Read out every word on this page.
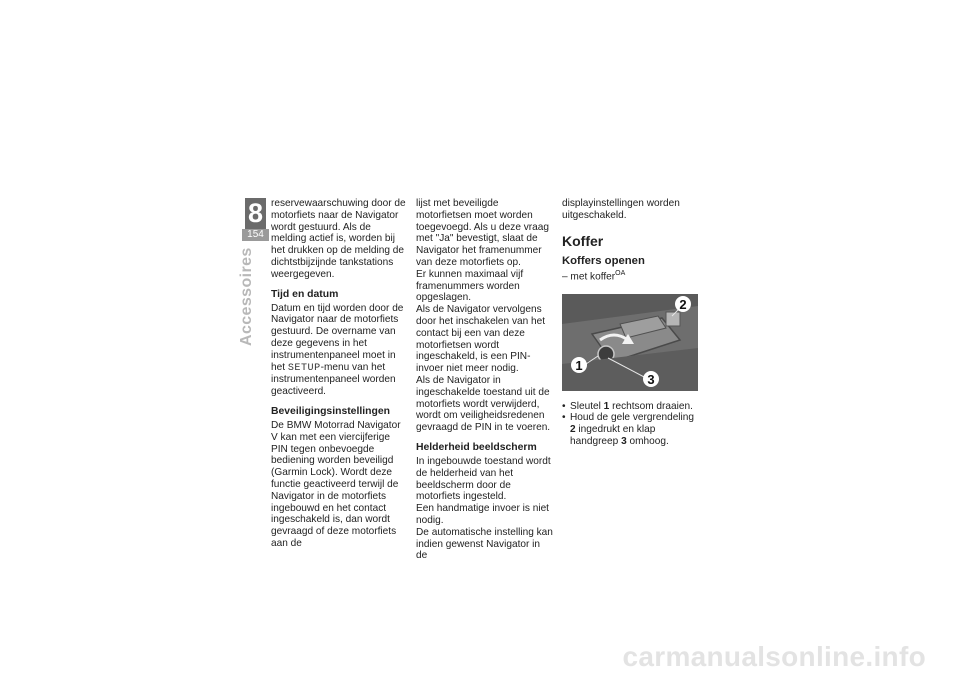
8
154
Accessoires

reservewaarschuwing door de motorfiets naar de Navigator wordt gestuurd. Als de melding actief is, worden bij het drukken op de melding de dichtstbijzijnde tankstations weergegeven.

Tijd en datum

Datum en tijd worden door de Navigator naar de motorfiets gestuurd. De overname van deze gegevens in het instrumentenpaneel moet in het SETUP-menu van het instrumentenpaneel worden geactiveerd.

Beveiligingsinstellingen

De BMW Motorrad Navigator V kan met een viercijferige PIN tegen onbevoegde bediening worden beveiligd (Garmin Lock). Wordt deze functie geactiveerd terwijl de Navigator in de motorfiets ingebouwd en het contact ingeschakeld is, dan wordt gevraagd of deze motorfiets aan de

lijst met beveiligde motorfietsen moet worden toegevoegd. Als u deze vraag met "Ja" bevestigt, slaat de Navigator het framenummer van deze motorfiets op.

Er kunnen maximaal vijf framenummers worden opgeslagen.

Als de Navigator vervolgens door het inschakelen van het contact bij een van deze motorfietsen wordt ingeschakeld, is een PIN-invoer niet meer nodig.

Als de Navigator in ingeschakelde toestand uit de motorfiets wordt verwijderd, wordt om veiligheidsredenen gevraagd de PIN in te voeren.

Helderheid beeldscherm

In ingebouwde toestand wordt de helderheid van het beeldscherm door de motorfiets ingesteld.

Een handmatige invoer is niet nodig.

De automatische instelling kan indien gewenst Navigator in de

displayinstellingen worden uitgeschakeld.

Koffer
Koffers openen

– met koffer$^{OA}$

1
2
3
• Sleutel 1 rechtsom draaien.
• Houd de gele vergrendeling 2 ingedrukt en klap handgreep 3 omhoog.
carmanualsonline.info
